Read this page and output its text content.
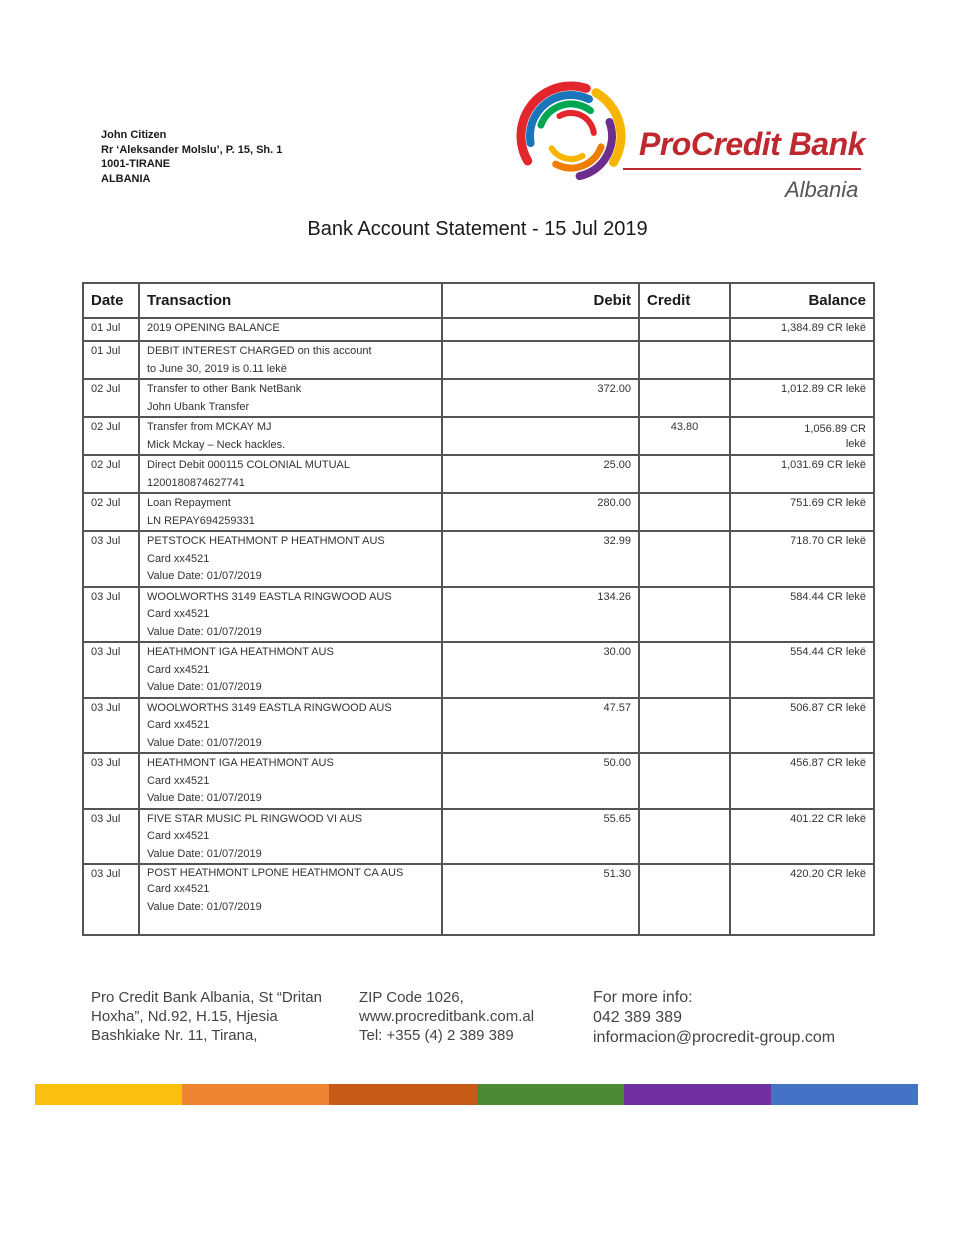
John Citizen
Rr ‘Aleksander Molslu’, P. 15, Sh. 1
1001-TIRANE
ALBANIA
ProCredit Bank
Albania
Bank Account Statement - 15 Jul 2019
Date	Transaction	Debit	Credit	Balance
01 Jul	2019 OPENING BALANCE			1,384.89 CR lekë
01 Jul	DEBIT INTEREST CHARGED on this account
to June 30, 2019 is 0.11 lekë			

02 Jul	Transfer to other Bank NetBank
John Ubank Transfer	372.00		1,012.89 CR lekë
02 Jul	Transfer from MCKAY MJ
Mick Mckay – Neck hackles.		43.80	1,056.89 CR lekë
02 Jul	Direct Debit 000115 COLONIAL MUTUAL
1200180874627741	25.00		1,031.69 CR lekë
02 Jul	Loan Repayment
LN REPAY694259331	280.00		751.69 CR lekë
03 Jul	PETSTOCK HEATHMONT P HEATHMONT AUS
Card xx4521
Value Date: 01/07/2019	32.99		718.70 CR lekë
03 Jul	WOOLWORTHS 3149 EASTLA RINGWOOD AUS
Card xx4521
Value Date: 01/07/2019	134.26		584.44 CR lekë
03 Jul	HEATHMONT IGA HEATHMONT AUS
Card xx4521
Value Date: 01/07/2019	30.00		554.44 CR lekë
03 Jul	WOOLWORTHS 3149 EASTLA RINGWOOD AUS
Card xx4521
Value Date: 01/07/2019	47.57		506.87 CR lekë
03 Jul	HEATHMONT IGA HEATHMONT AUS
Card xx4521
Value Date: 01/07/2019	50.00		456.87 CR lekë
03 Jul	FIVE STAR MUSIC PL RINGWOOD VI AUS
Card xx4521
Value Date: 01/07/2019	55.65		401.22 CR lekë
03 Jul	POST HEATHMONT LPONE HEATHMONT CA AUS
Card xx4521
Value Date: 01/07/2019	51.30		420.20 CR lekë
Pro Credit Bank Albania, St “Dritan
Hoxha”, Nd.92, H.15, Hjesia
Bashkiake Nr. 11, Tirana,
ZIP Code 1026,
www.procreditbank.com.al
Tel: +355 (4) 2 389 389
For more info:
042 389 389
informacion@procredit-group.com
